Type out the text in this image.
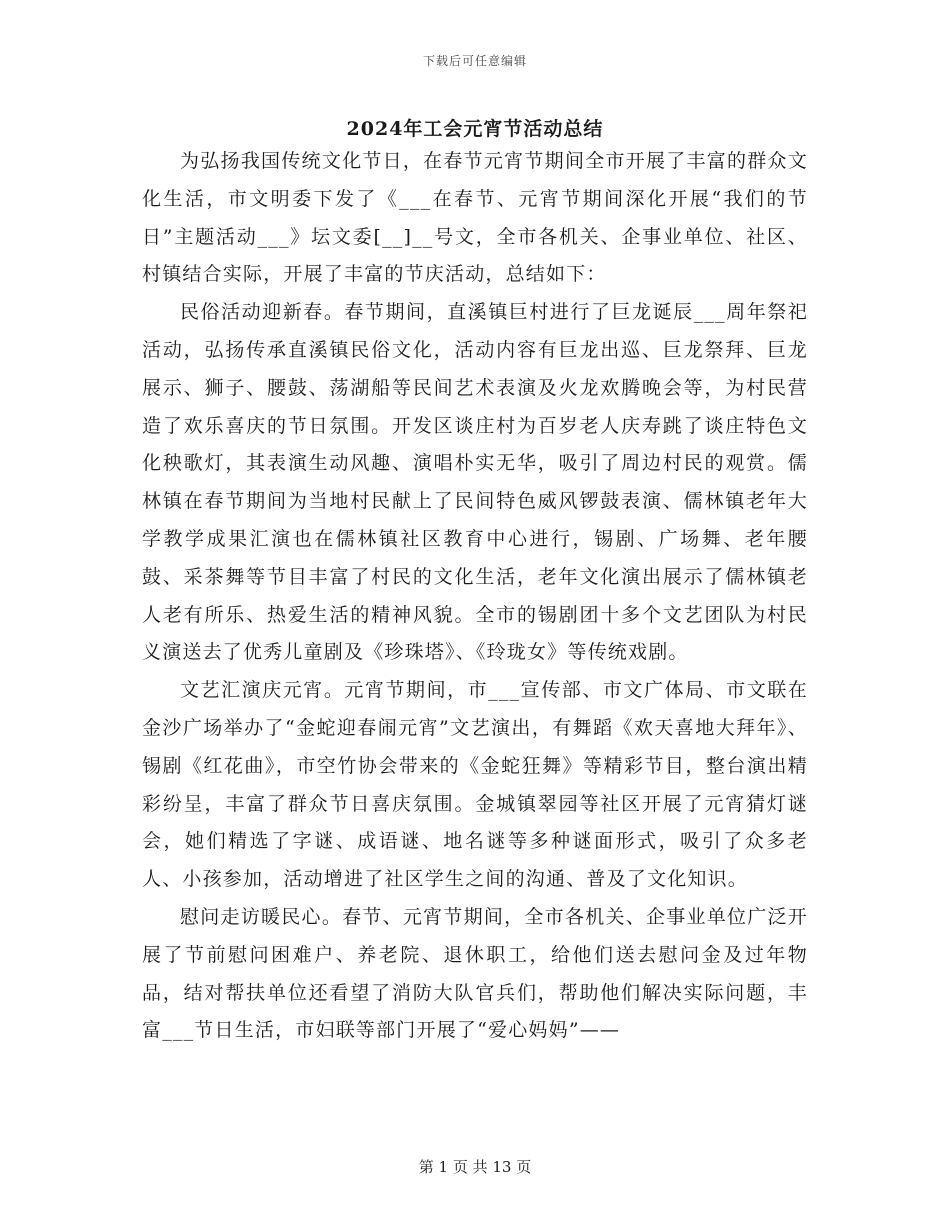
下载后可任意编辑
2024年工会元宵节活动总结

为弘扬我国传统文化节日，在春节元宵节期间全市开展了丰富的群众文化生活，市文明委下发了《___在春节、元宵节期间深化开展“我们的节日”主题活动___》坛文委[__]__号文，全市各机关、企事业单位、社区、村镇结合实际，开展了丰富的节庆活动，总结如下：

民俗活动迎新春。春节期间，直溪镇巨村进行了巨龙诞辰___周年祭祀活动，弘扬传承直溪镇民俗文化，活动内容有巨龙出巡、巨龙祭拜、巨龙展示、狮子、腰鼓、荡湖船等民间艺术表演及火龙欢腾晚会等，为村民营造了欢乐喜庆的节日氛围。开发区谈庄村为百岁老人庆寿跳了谈庄特色文化秧歌灯，其表演生动风趣、演唱朴实无华，吸引了周边村民的观赏。儒林镇在春节期间为当地村民献上了民间特色威风锣鼓表演、儒林镇老年大学教学成果汇演也在儒林镇社区教育中心进行，锡剧、广场舞、老年腰鼓、采茶舞等节目丰富了村民的文化生活，老年文化演出展示了儒林镇老人老有所乐、热爱生活的精神风貌。全市的锡剧团十多个文艺团队为村民义演送去了优秀儿童剧及《珍珠塔》、《玲珑女》等传统戏剧。

文艺汇演庆元宵。元宵节期间，市___宣传部、市文广体局、市文联在金沙广场举办了“金蛇迎春闹元宵”文艺演出，有舞蹈《欢天喜地大拜年》、锡剧《红花曲》，市空竹协会带来的《金蛇狂舞》等精彩节目，整台演出精彩纷呈，丰富了群众节日喜庆氛围。金城镇翠园等社区开展了元宵猜灯谜会，她们精选了字谜、成语谜、地名谜等多种谜面形式，吸引了众多老人、小孩参加，活动增进了社区学生之间的沟通、普及了文化知识。

慰问走访暖民心。春节、元宵节期间，全市各机关、企事业单位广泛开展了节前慰问困难户、养老院、退休职工，给他们送去慰问金及过年物品，结对帮扶单位还看望了消防大队官兵们，帮助他们解决实际问题，丰富___节日生活，市妇联等部门开展了“爱心妈妈”——

第 1 页 共 13 页
